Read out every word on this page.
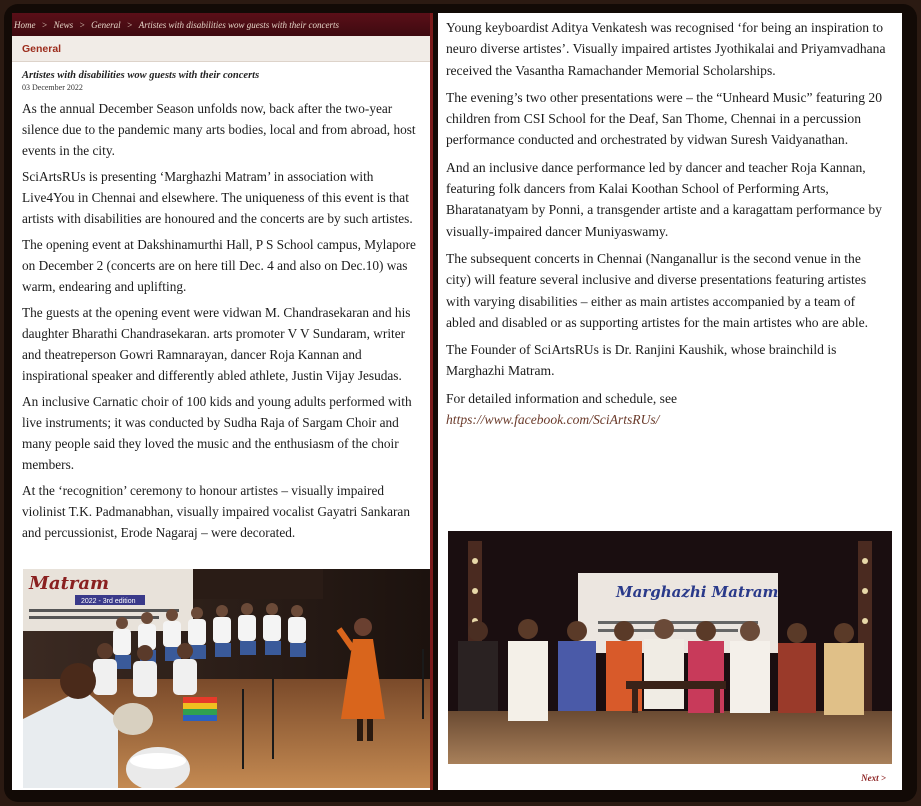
Home > News > General > Artistes with disabilities wow guests with their concerts
General
Artistes with disabilities wow guests with their concerts
03 December 2022

As the annual December Season unfolds now, back after the two-year silence due to the pandemic many arts bodies, local and from abroad, host events in the city.

SciArtsRUs is presenting ‘Marghazhi Matram’ in association with Live4You in Chennai and elsewhere. The uniqueness of this event is that artists with disabilities are honoured and the concerts are by such artistes.

The opening event at Dakshinamurthi Hall, P S School campus, Mylapore on December 2 (concerts are on here till Dec. 4 and also on Dec.10) was warm, endearing and uplifting.

The guests at the opening event were vidwan M. Chandrasekaran and his daughter Bharathi Chandrasekaran. arts promoter V V Sundaram, writer and theatreperson Gowri Ramnarayan, dancer Roja Kannan and inspirational speaker and differently abled athlete, Justin Vijay Jesudas.

An inclusive Carnatic choir of 100 kids and young adults performed with live instruments; it was conducted by Sudha Raja of Sargam Choir and many people said they loved the music and the enthusiasm of the choir members.

At the ‘recognition’ ceremony to honour artistes – visually impaired violinist T.K. Padmanabhan, visually impaired vocalist Gayatri Sankaran and percussionist, Erode Nagaraj – were decorated.

Matram
2022 - 3rd edition

Young keyboardist Aditya Venkatesh was recognised ‘for being an inspiration to neuro diverse artistes’. Visually impaired artistes Jyothikalai and Priyamvadhana received the Vasantha Ramachander Memorial Scholarships.

The evening’s two other presentations were – the “Unheard Music” featuring 20 children from CSI School for the Deaf, San Thome, Chennai in a percussion performance conducted and orchestrated by vidwan Suresh Vaidyanathan.

And an inclusive dance performance led by dancer and teacher Roja Kannan, featuring folk dancers from Kalai Koothan School of Performing Arts, Bharatanatyam by Ponni, a transgender artiste and a karagattam performance by visually-impaired dancer Muniyaswamy.

The subsequent concerts in Chennai (Nanganallur is the second venue in the city) will feature several inclusive and diverse presentations featuring artistes with varying disabilities – either as main artistes accompanied by a team of abled and disabled or as supporting artistes for the main artistes who are able.

The Founder of SciArtsRUs is Dr. Ranjini Kaushik, whose brainchild is Marghazhi Matram.

For detailed information and schedule, see
https://www.facebook.com/SciArtsRUs/

Marghazhi Matram
Next >
